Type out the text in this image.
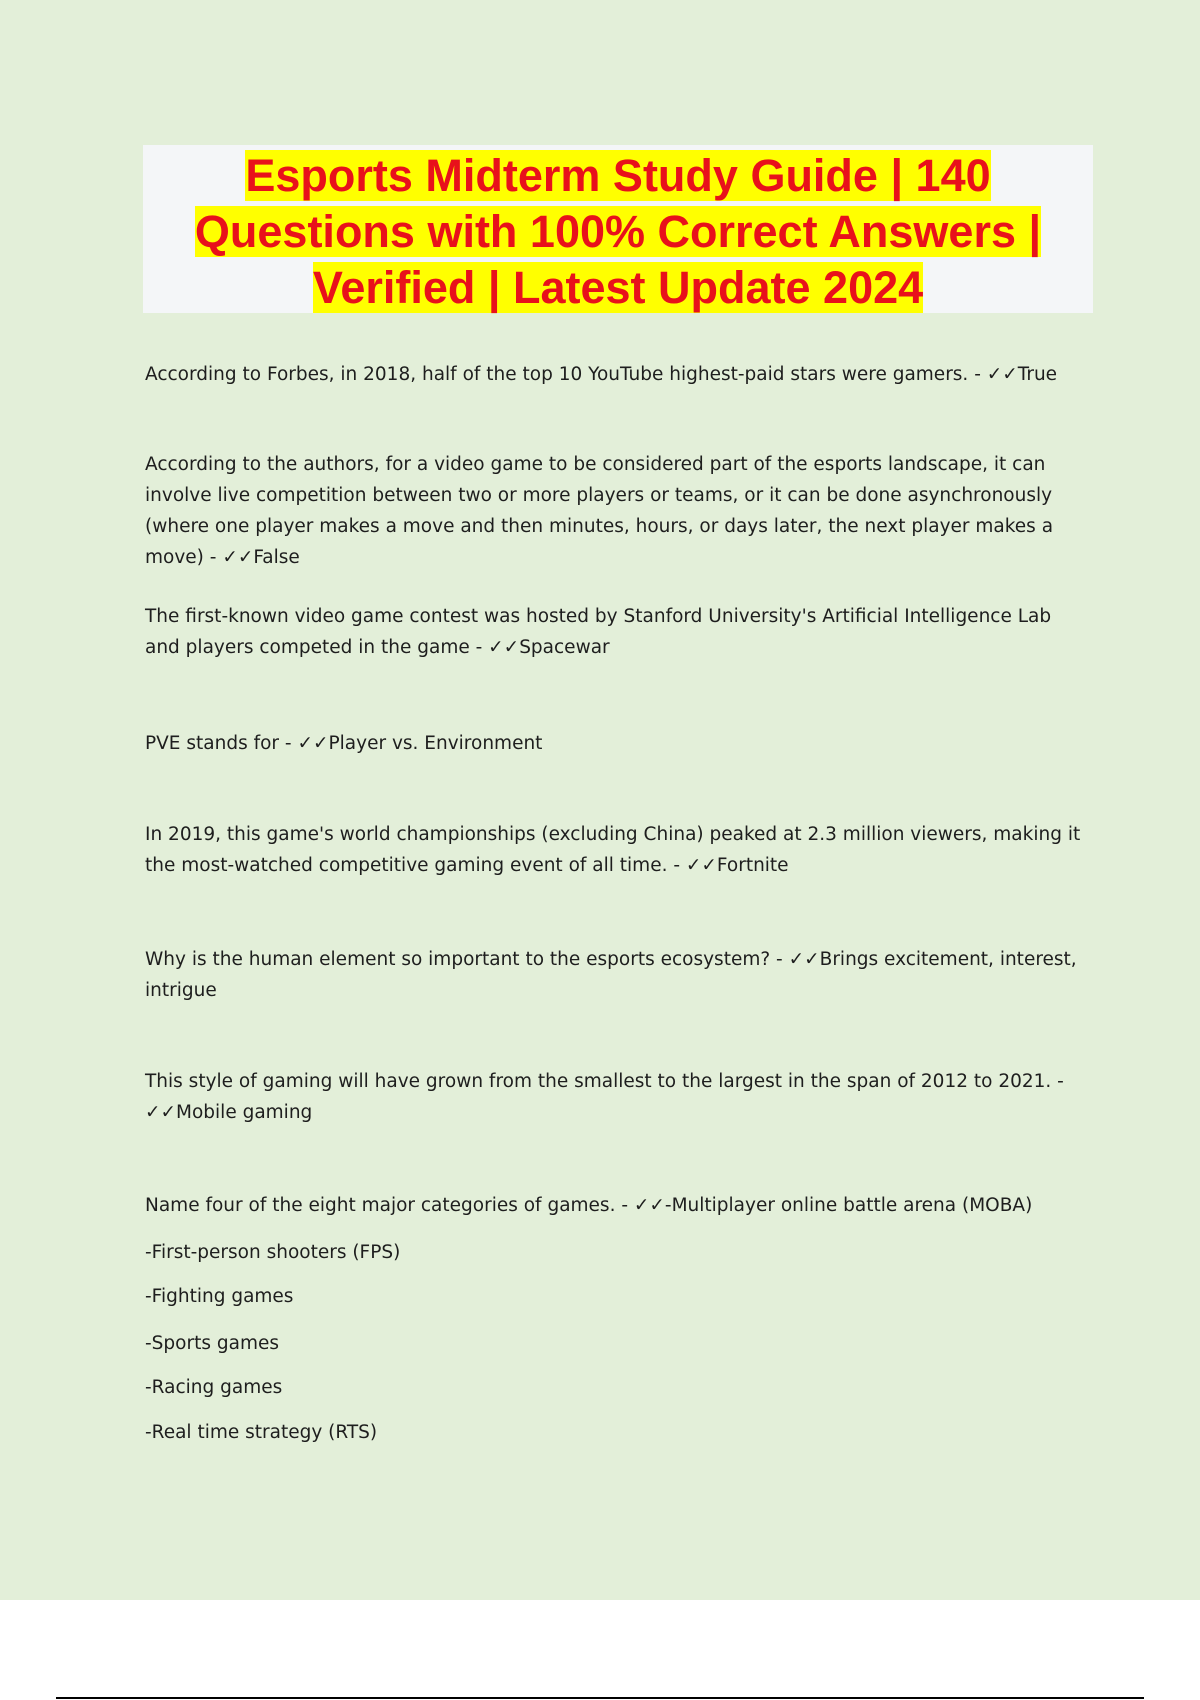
Esports Midterm Study Guide | 140
Questions with 100% Correct Answers |
Verified | Latest Update 2024

According to Forbes, in 2018, half of the top 10 YouTube highest-paid stars were gamers. - ✓✓True

According to the authors, for a video game to be considered part of the esports landscape, it can involve live competition between two or more players or teams, or it can be done asynchronously (where one player makes a move and then minutes, hours, or days later, the next player makes a move) - ✓✓False

The first-known video game contest was hosted by Stanford University's Artificial Intelligence Lab and players competed in the game - ✓✓Spacewar

PVE stands for - ✓✓Player vs. Environment

In 2019, this game's world championships (excluding China) peaked at 2.3 million viewers, making it the most-watched competitive gaming event of all time. - ✓✓Fortnite

Why is the human element so important to the esports ecosystem? - ✓✓Brings excitement, interest, intrigue

This style of gaming will have grown from the smallest to the largest in the span of 2012 to 2021. - ✓✓Mobile gaming

Name four of the eight major categories of games. - ✓✓-Multiplayer online battle arena (MOBA)

-First-person shooters (FPS)

-Fighting games

-Sports games

-Racing games

-Real time strategy (RTS)
